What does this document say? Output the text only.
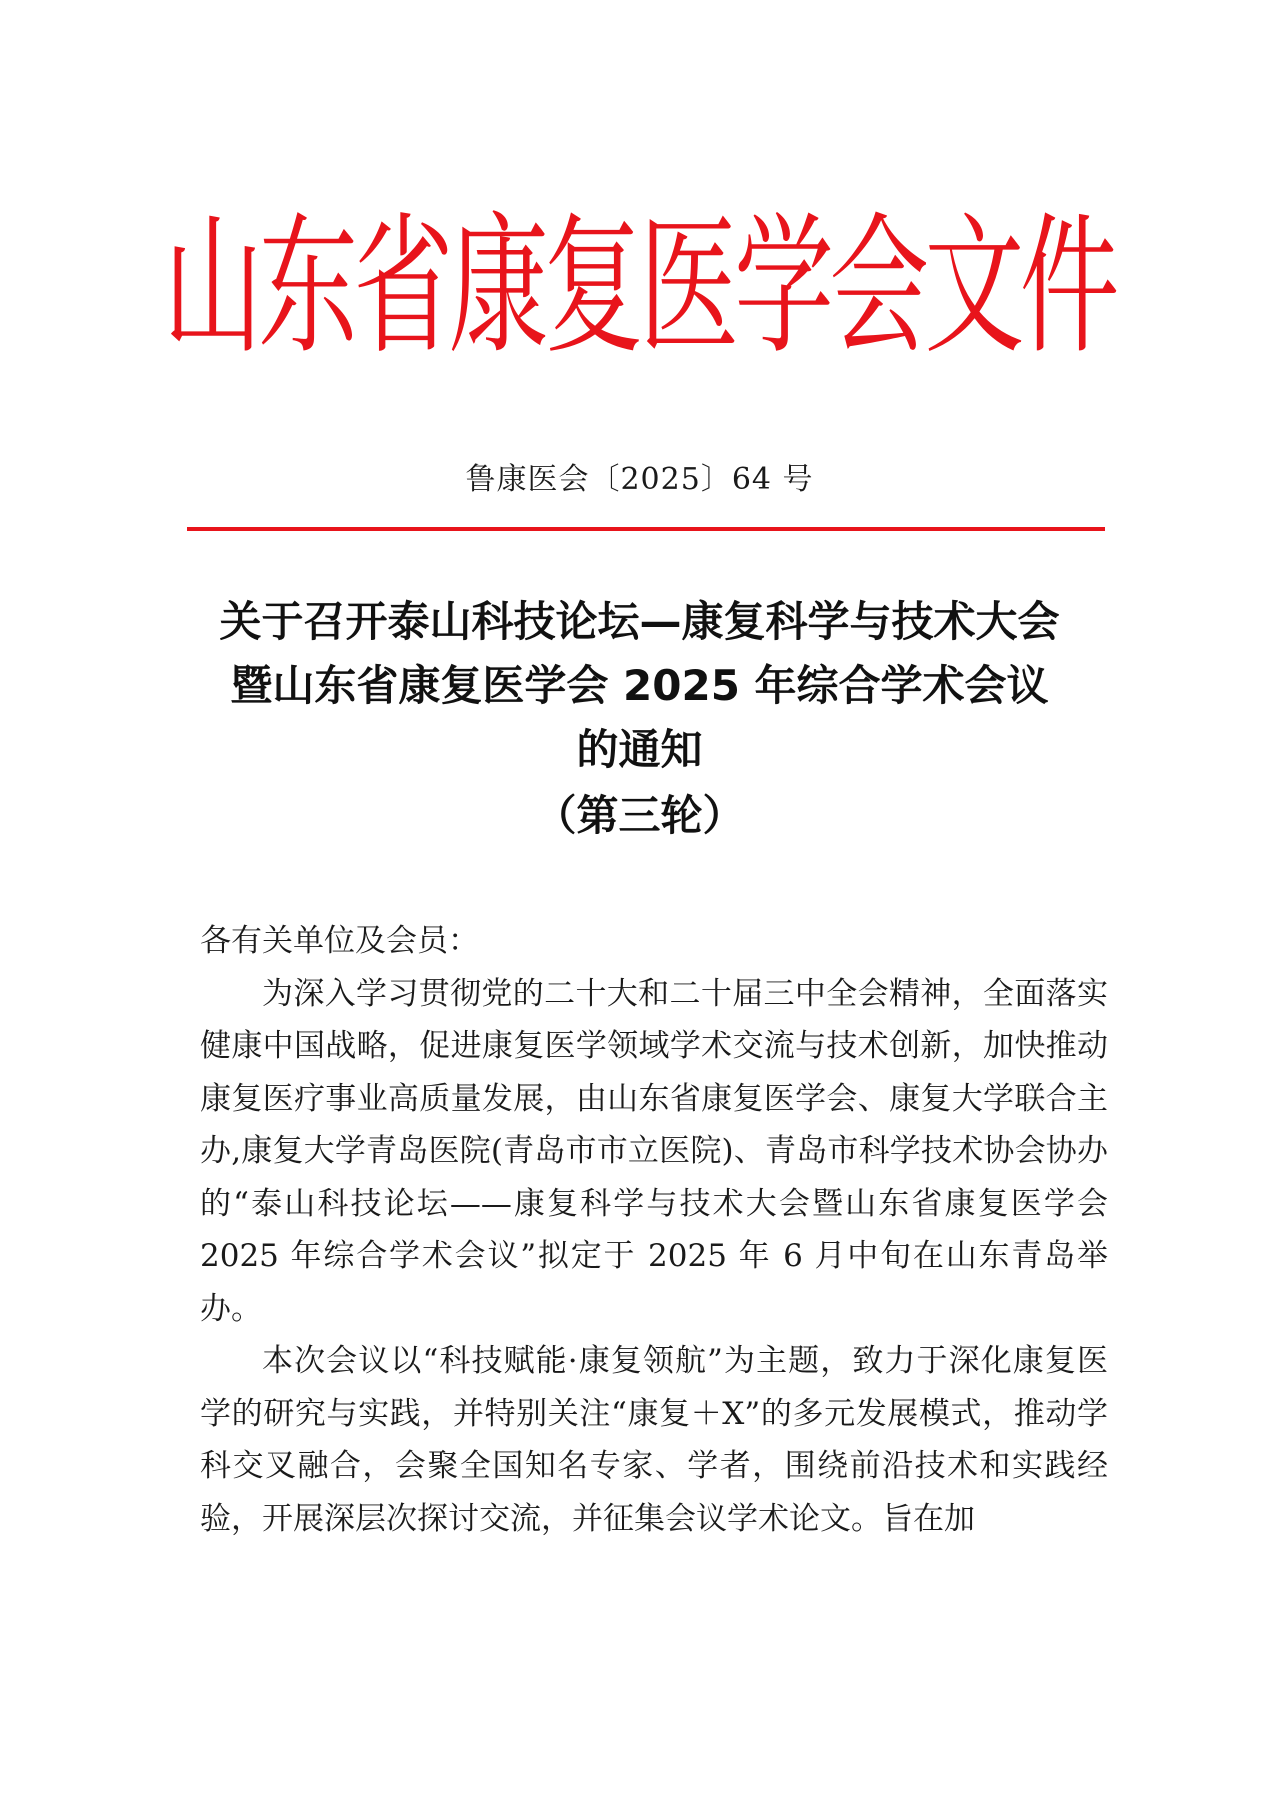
山东省康复医学会文件
鲁康医会〔2025〕64 号
关于召开泰山科技论坛—康复科学与技术大会
暨山东省康复医学会 2025 年综合学术会议
的通知
（第三轮）

各有关单位及会员：

为深入学习贯彻党的二十大和二十届三中全会精神，全面落实健康中国战略，促进康复医学领域学术交流与技术创新，加快推动康复医疗事业高质量发展，由山东省康复医学会、康复大学联合主办,康复大学青岛医院(青岛市市立医院)、青岛市科学技术协会协办的“泰山科技论坛——康复科学与技术大会暨山东省康复医学会 2025 年综合学术会议”拟定于 2025 年 6 月中旬在山东青岛举办。

本次会议以“科技赋能·康复领航”为主题，致力于深化康复医学的研究与实践，并特别关注“康复＋X”的多元发展模式，推动学科交叉融合，会聚全国知名专家、学者，围绕前沿技术和实践经验，开展深层次探讨交流，并征集会议学术论文。旨在加
